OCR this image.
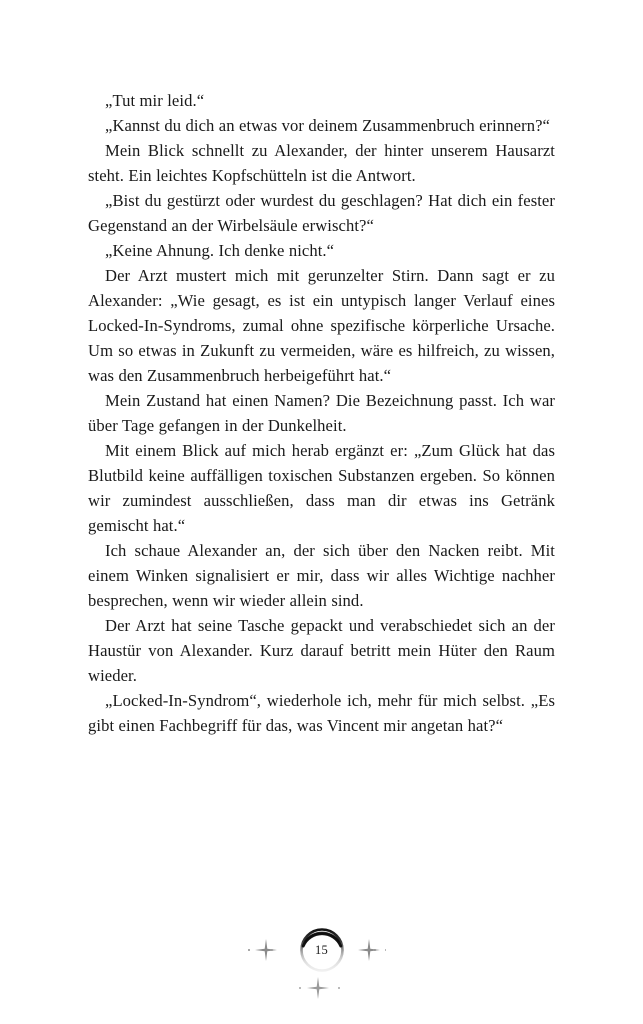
„Tut mir leid.“

„Kannst du dich an etwas vor deinem Zusammenbruch erinnern?“

Mein Blick schnellt zu Alexander, der hinter unserem Hausarzt steht. Ein leichtes Kopfschütteln ist die Antwort.

„Bist du gestürzt oder wurdest du geschlagen? Hat dich ein fester Gegenstand an der Wirbelsäule erwischt?“

„Keine Ahnung. Ich denke nicht.“

Der Arzt mustert mich mit gerunzelter Stirn. Dann sagt er zu Alexander: „Wie gesagt, es ist ein untypisch langer Verlauf eines Locked-In-Syndroms, zumal ohne spezifische körperliche Ursache. Um so etwas in Zukunft zu vermeiden, wäre es hilfreich, zu wissen, was den Zusammenbruch herbeigeführt hat.“

Mein Zustand hat einen Namen? Die Bezeichnung passt. Ich war über Tage gefangen in der Dunkelheit.

Mit einem Blick auf mich herab ergänzt er: „Zum Glück hat das Blutbild keine auffälligen toxischen Substanzen ergeben. So können wir zumindest ausschließen, dass man dir etwas ins Getränk gemischt hat.“

Ich schaue Alexander an, der sich über den Nacken reibt. Mit einem Winken signalisiert er mir, dass wir alles Wichtige nachher besprechen, wenn wir wieder allein sind.

Der Arzt hat seine Tasche gepackt und verabschiedet sich an der Haustür von Alexander. Kurz darauf betritt mein Hüter den Raum wieder.

„Locked-In-Syndrom“, wiederhole ich, mehr für mich selbst. „Es gibt einen Fachbegriff für das, was Vincent mir angetan hat?“

15
